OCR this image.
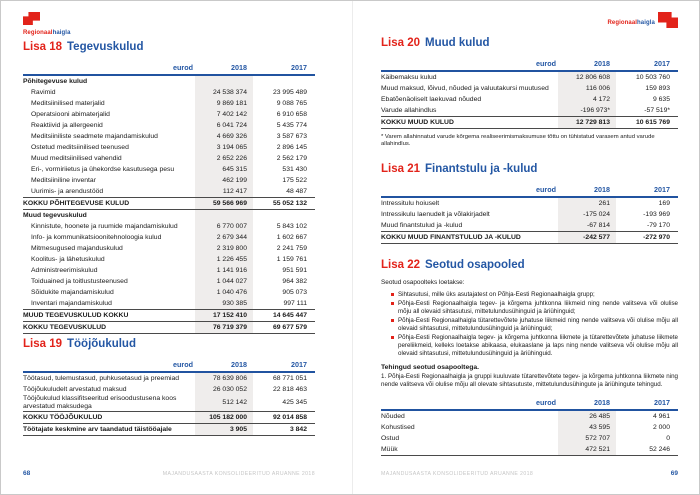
Regionaalhaigla
Lisa 18 Tegevuskulud
eurod	2018	2017
Põhitegevuse kulud
Ravimid	24 538 374	23 995 489
Meditsiinilised materjalid	9 869 181	9 088 765
Operatsiooni abimaterjalid	7 402 142	6 910 658
Reaktiivid ja allergeenid	6 041 724	5 435 774
Meditsiiniliste seadmete majandamiskulud	4 669 326	3 587 673
Ostetud meditsiinilised teenused	3 194 065	2 896 145
Muud meditsiinilised vahendid	2 652 226	2 562 179
Eri-, vormiriietus ja ühekordse kasutusega pesu	645 315	531 430
Meditsiiniline inventar	462 199	175 522
Uurimis- ja arendustööd	112 417	48 487
KOKKU PÕHITEGEVUSE KULUD	59 566 969	55 052 132
Muud tegevuskulud
Kinnistute, hoonete ja ruumide majandamiskulud	6 770 007	5 843 102
Info- ja kommunikatsioonitehnoloogia kulud	2 679 344	1 602 667
Mitmesugused majanduskulud	2 319 800	2 241 759
Koolitus- ja lähetuskulud	1 226 455	1 159 761
Administreerimiskulud	1 141 916	951 591
Toiduained ja toitlustusteenused	1 044 027	964 382
Sõidukite majandamiskulud	1 040 476	905 073
Inventari majandamiskulud	930 385	997 111
MUUD TEGEVUSKULUD KOKKU	17 152 410	14 645 447
KOKKU TEGEVUSKULUD	76 719 379	69 677 579
Lisa 19 Tööjõukulud
eurod	2018	2017
Töötasud, tulemustasud, puhkusetasud ja preemiad	78 639 806	68 771 051
Tööjõukuludelt arvestatud maksud	26 030 052	22 818 463
Tööjõukulud klassifitseeritud erisoodustusena koos arvestatud maksudega
512 142	425 345
KOKKU TÖÖJÕUKULUD	105 182 000	92 014 858
Töötajate keskmine arv taandatud täistööajale	3 905	3 842
68	MAJANDUSAASTA KONSOLIDEERITUD ARUANNE 2018
Regionaalhaigla
Lisa 20 Muud kulud
eurod	2018	2017
Käibemaksu kulud	12 806 608	10 503 760
Muud maksud, lõivud, nõuded ja valuutakursi muutused	116 006	159 893
Ebatõenäoliselt laekuvad nõuded	4 172	9 635
Varude allahindlus	-196 973*	-57 519*
KOKKU MUUD KULUD	12 729 813	10 615 769

* Varem allahinnatud varude kõrgema realiseerimismaksumuse tõttu on tühistatud varasem antud varude allahindlus.

Lisa 21 Finantstulu ja -kulud
eurod	2018	2017
Intressitulu hoiuselt	261	169
Intressikulu laenudelt ja võlakirjadelt	-175 024	-193 969
Muud finantstulud ja -kulud	-67 814	-79 170
KOKKU MUUD FINANTSTULUD JA -KULUD	-242 577	-272 970
Lisa 22 Seotud osapooled

Seotud osapoolteks loetakse:

Sihtasutusi, mille üks asutajatest on Põhja-Eesti Regionaalhaigla grupp;
Põhja-Eesti Regionaalhaigla tegev- ja kõrgema juhtkonna liikmeid ning nende valitseva või olulise mõju all olevaid sihtasutusi, mittetulundusühinguid ja äriühinguid;
Põhja-Eesti Regionaalhaigla tütarettevõtete juhatuse liikmeid ning nende valitseva või olulise mõju all olevaid sihtasutusi, mittetulundusühinguid ja äriühinguid;
Põhja-Eesti Regionaalhaigla tegev- ja kõrgema juhtkonna liikmete ja tütarettevõtete juhatuse liikmete pereliikmeid, kelleks loetakse abikaasa, elukaaslane ja laps ning nende valitseva või olulise mõju all olevaid sihtasutusi, mittetulundusühinguid ja äriühinguid.

Tehingud seotud osapooltega.

1. Põhja-Eesti Regionaalhaigla ja gruppi kuuluvate tütarettevõtete tegev- ja kõrgema juhtkonna liikmete ning nende valitseva või olulise mõju all olevate sihtasutuste, mittetulundusühingute ja äriühingute tehingud.

eurod	2018	2017
Nõuded	26 485	4 961
Kohustised	43 595	2 000
Ostud	572 707	0
Müük	472 521	52 246
MAJANDUSAASTA KONSOLIDEERITUD ARUANNE 2018	69
